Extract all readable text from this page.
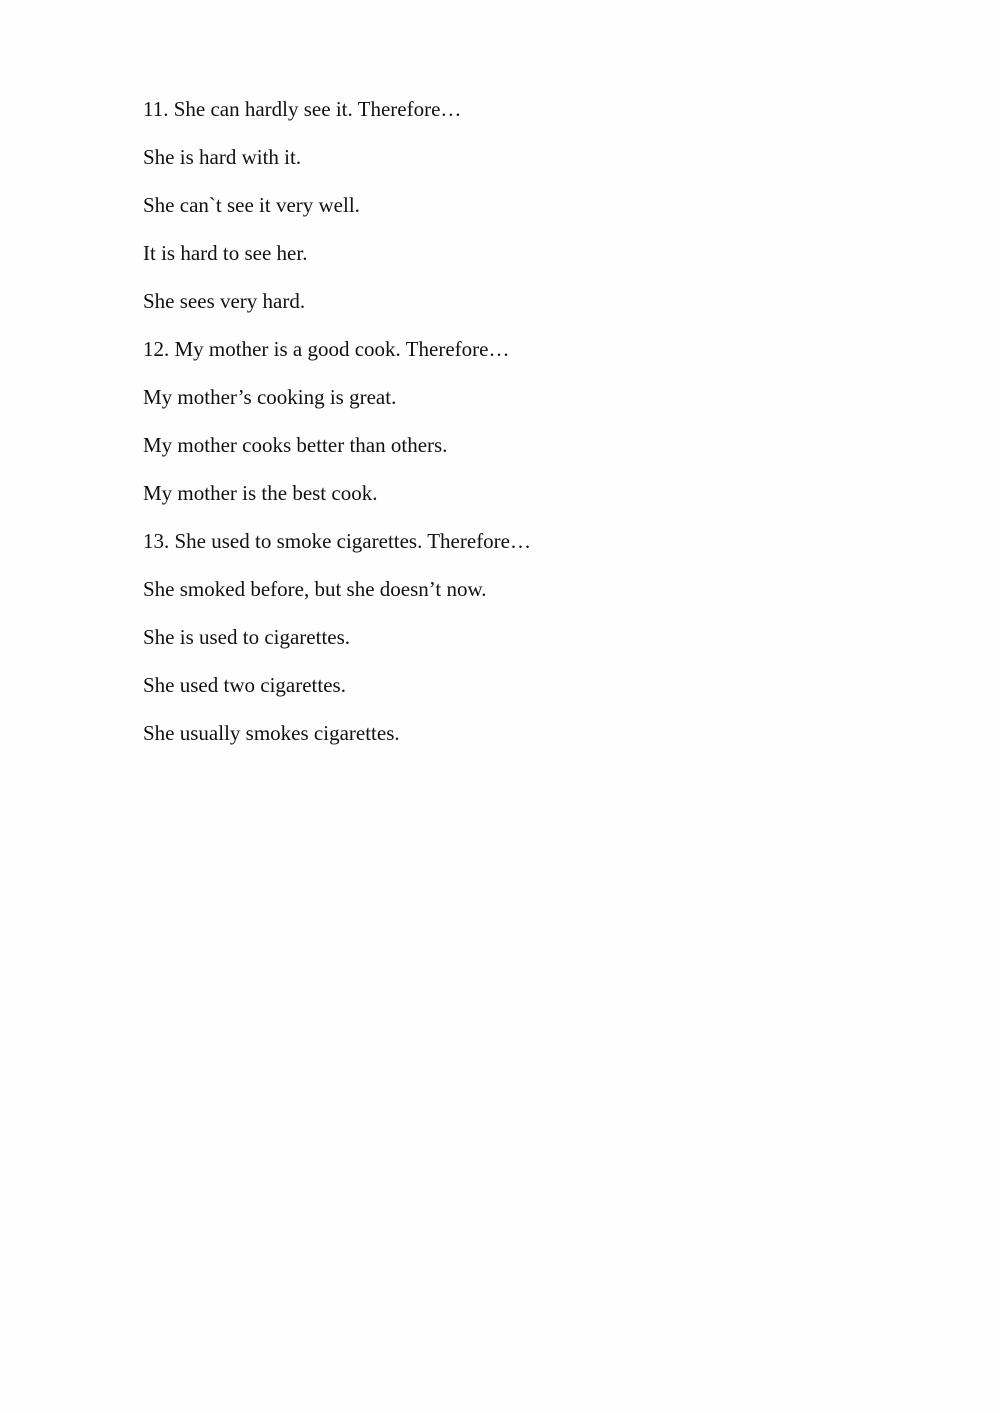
11. She can hardly see it. Therefore…
She is hard with it.
She can`t see it very well.
It is hard to see her.
She sees very hard.
12. My mother is a good cook. Therefore…
My mother’s cooking is great.
My mother cooks better than others.
My mother is the best cook.
13. She used to smoke cigarettes. Therefore…
She smoked before, but she doesn’t now.
She is used to cigarettes.
She used two cigarettes.
She usually smokes cigarettes.
